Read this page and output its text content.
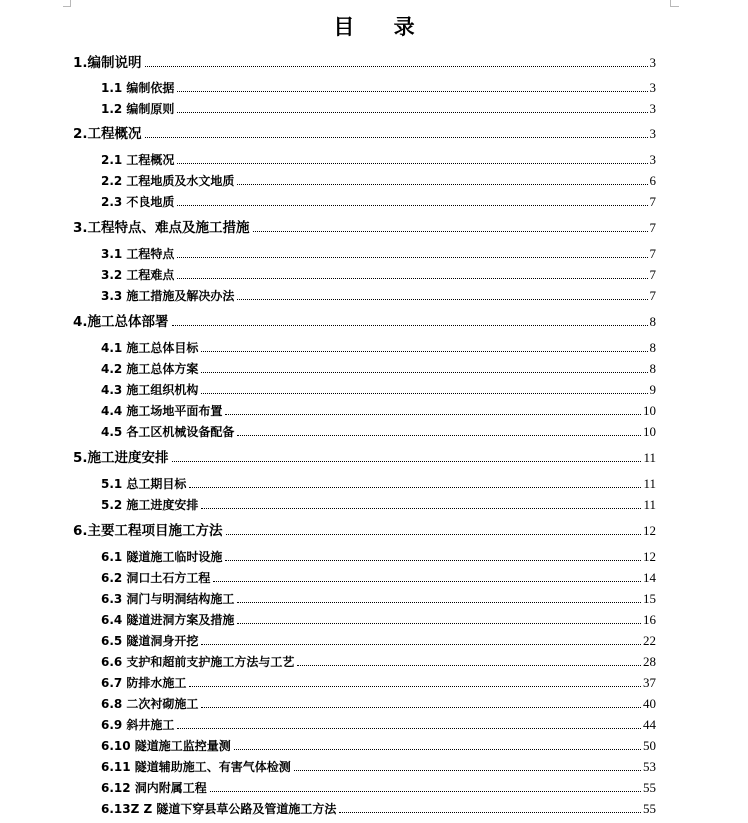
目 录
1.编制说明	3
1.1 编制依据	3
1.2 编制原则	3
2.工程概况	3
2.1 工程概况	3
2.2 工程地质及水文地质	6
2.3 不良地质	7
3.工程特点、难点及施工措施	7
3.1 工程特点	7
3.2 工程难点	7
3.3 施工措施及解决办法	7
4.施工总体部署	8
4.1 施工总体目标	8
4.2 施工总体方案	8
4.3 施工组织机构	9
4.4 施工场地平面布置	10
4.5 各工区机械设备配备	10
5.施工进度安排	11
5.1 总工期目标	11
5.2 施工进度安排	11
6.主要工程项目施工方法	12
6.1 隧道施工临时设施	12
6.2 洞口土石方工程	14
6.3 洞门与明洞结构施工	15
6.4 隧道进洞方案及措施	16
6.5 隧道洞身开挖	22
6.6 支护和超前支护施工方法与工艺	28
6.7 防排水施工	37
6.8 二次衬砌施工	40
6.9 斜井施工	44
6.10 隧道施工监控量测	50
6.11 隧道辅助施工、有害气体检测	53
6.12 洞内附属工程	55
6.13Z Z 隧道下穿县草公路及管道施工方法	55
